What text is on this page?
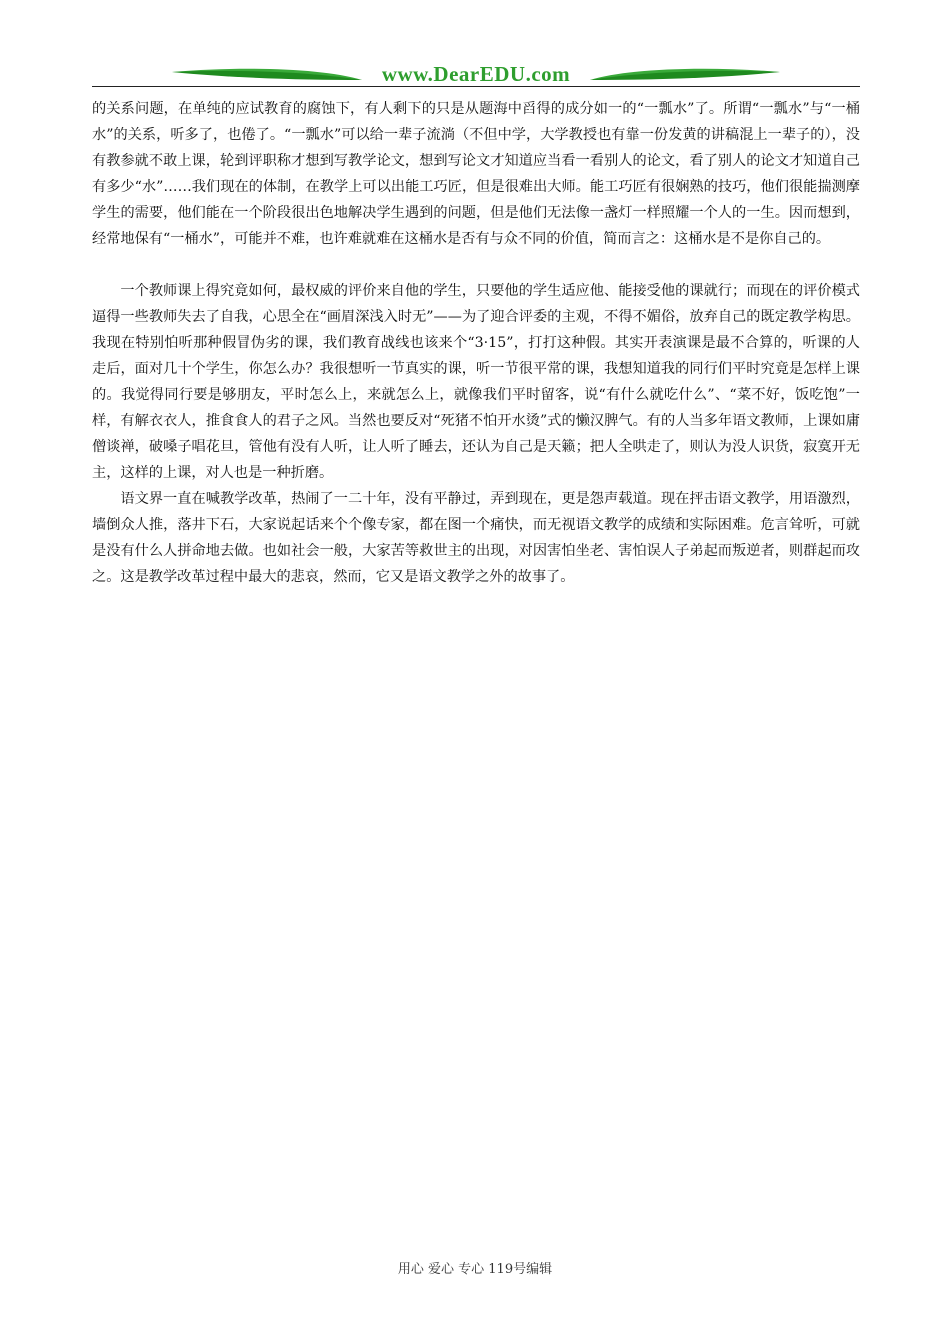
www.DearEDU.com

的关系问题，在单纯的应试教育的腐蚀下，有人剩下的只是从题海中舀得的成分如一的“一瓢水”了。所谓“一瓢水”与“一桶水”的关系，听多了，也倦了。“一瓢水”可以给一辈子流淌（不但中学，大学教授也有靠一份发黄的讲稿混上一辈子的），没有教参就不敢上课，轮到评职称才想到写教学论文，想到写论文才知道应当看一看别人的论文，看了别人的论文才知道自己有多少“水”……我们现在的体制，在教学上可以出能工巧匠，但是很难出大师。能工巧匠有很娴熟的技巧，他们很能揣测摩学生的需要，他们能在一个阶段很出色地解决学生遇到的问题，但是他们无法像一盏灯一样照耀一个人的一生。因而想到，经常地保有“一桶水”，可能并不难，也许难就难在这桶水是否有与众不同的价值，简而言之：这桶水是不是你自己的。

一个教师课上得究竟如何，最权威的评价来自他的学生，只要他的学生适应他、能接受他的课就行；而现在的评价模式逼得一些教师失去了自我，心思全在“画眉深浅入时无”——为了迎合评委的主观，不得不媚俗，放弃自己的既定教学构思。我现在特别怕听那种假冒伪劣的课，我们教育战线也该来个“3·15”，打打这种假。其实开表演课是最不合算的，听课的人走后，面对几十个学生，你怎么办？我很想听一节真实的课，听一节很平常的课，我想知道我的同行们平时究竟是怎样上课的。我觉得同行要是够朋友，平时怎么上，来就怎么上，就像我们平时留客，说“有什么就吃什么”、“菜不好，饭吃饱”一样，有解衣衣人，推食食人的君子之风。当然也要反对“死猪不怕开水烫”式的懒汉脾气。有的人当多年语文教师，上课如庸僧谈禅，破嗓子唱花旦，管他有没有人听，让人听了睡去，还认为自己是天籁；把人全哄走了，则认为没人识货，寂寞开无主，这样的上课，对人也是一种折磨。

语文界一直在喊教学改革，热闹了一二十年，没有平静过，弄到现在，更是怨声载道。现在抨击语文教学，用语激烈，墙倒众人推，落井下石，大家说起话来个个像专家，都在图一个痛快，而无视语文教学的成绩和实际困难。危言耸听，可就是没有什么人拼命地去做。也如社会一般，大家苦等救世主的出现，对因害怕坐老、害怕误人子弟起而叛逆者，则群起而攻之。这是教学改革过程中最大的悲哀，然而，它又是语文教学之外的故事了。

用心 爱心 专心 119号编辑
